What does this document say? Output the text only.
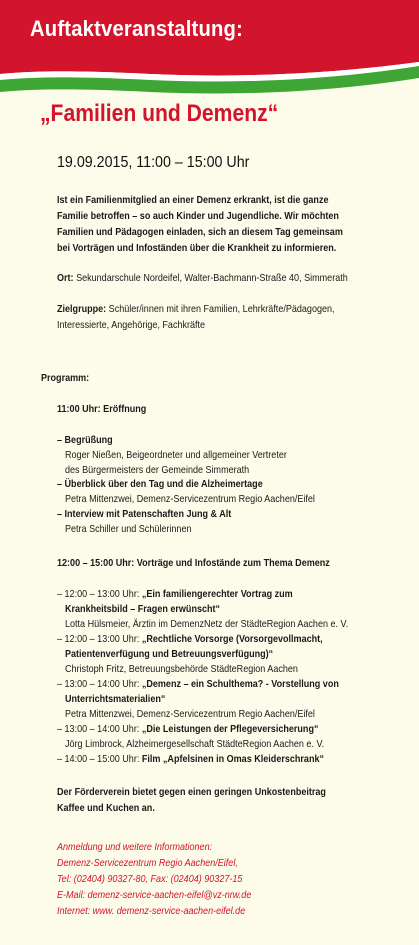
Auftaktveranstaltung:
„Familien und Demenz“
19.09.2015, 11:00 – 15:00 Uhr
Ist ein Familienmitglied an einer Demenz erkrankt, ist die ganze
Familie betroffen – so auch Kinder und Jugendliche. Wir möchten
Familien und Pädagogen einladen, sich an diesem Tag gemeinsam
bei Vorträgen und Infoständen über die Krankheit zu informieren.
Ort: Sekundarschule Nordeifel, Walter-Bachmann-Straße 40, Simmerath
Zielgruppe: Schüler/innen mit ihren Familien, Lehrkräfte/Pädagogen,
Interessierte, Angehörige, Fachkräfte
Programm:
11:00 Uhr: Eröffnung
– Begrüßung
Roger Nießen, Beigeordneter und allgemeiner Vertreter
des Bürgermeisters der Gemeinde Simmerath
– Überblick über den Tag und die Alzheimertage
Petra Mittenzwei, Demenz-Servicezentrum Regio Aachen/Eifel
– Interview mit Patenschaften Jung & Alt
Petra Schiller und Schülerinnen
12:00 – 15:00 Uhr: Vorträge und Infostände zum Thema Demenz
– 12:00 – 13:00 Uhr: „Ein familiengerechter Vortrag zum
Krankheitsbild – Fragen erwünscht“
Lotta Hülsmeier, Ärztin im DemenzNetz der StädteRegion Aachen e. V.
– 12:00 – 13:00 Uhr: „Rechtliche Vorsorge (Vorsorgevollmacht,
Patientenverfügung und Betreuungsverfügung)“
Christoph Fritz, Betreuungsbehörde StädteRegion Aachen
– 13:00 – 14:00 Uhr: „Demenz – ein Schulthema? - Vorstellung von
Unterrichtsmaterialien“
Petra Mittenzwei, Demenz-Servicezentrum Regio Aachen/Eifel
– 13:00 – 14:00 Uhr: „Die Leistungen der Pflegeversicherung“
Jörg Limbrock, Alzheimergesellschaft StädteRegion Aachen e. V.
– 14:00 – 15:00 Uhr: Film „Apfelsinen in Omas Kleiderschrank“
Der Förderverein bietet gegen einen geringen Unkostenbeitrag
Kaffee und Kuchen an.
Anmeldung und weitere Informationen:
Demenz-Servicezentrum Regio Aachen/Eifel,
Tel: (02404) 90327-80, Fax: (02404) 90327-15
E-Mail: demenz-service-aachen-eifel@vz-nrw.de
Internet: www. demenz-service-aachen-eifel.de
